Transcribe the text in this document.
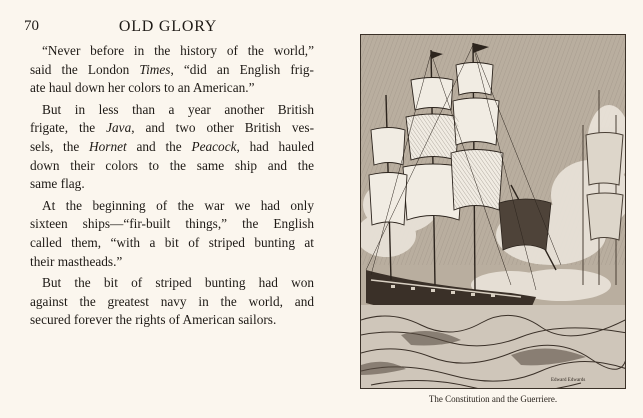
70	OLD GLORY
“Never before in the history of the world,”
said the London Times, “did an English frig-
ate haul down her colors to an American.”
But in less than a year another British
frigate, the Java, and two other British ves-
sels, the Hornet and the Peacock, had hauled
down their colors to the same ship and the
same flag.
At the beginning of the war we had only
sixteen ships—“fir-built things,” the English
called them, “with a bit of striped bunting at
their mastheads.”
But the bit of striped bunting had won
against the greatest navy in the world, and
secured forever the rights of American sailors.
Edward Edwards
The Constitution and the Guerriere.
